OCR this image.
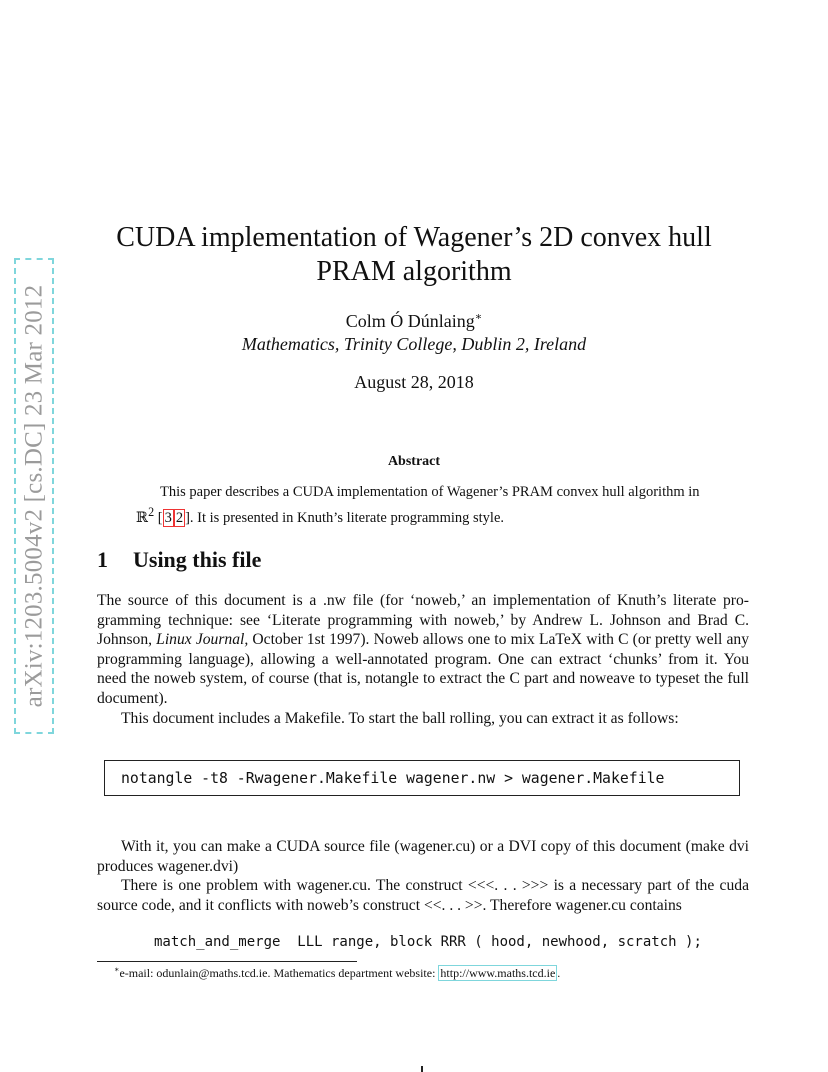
arXiv:1203.5004v2 [cs.DC] 23 Mar 2012
CUDA implementation of Wagener’s 2D convex hull
PRAM algorithm
Colm Ó Dúnlaing∗
Mathematics, Trinity College, Dublin 2, Ireland
August 28, 2018
Abstract
This paper describes a CUDA implementation of Wagener’s PRAM convex hull algorithm in ℝ$^2$ [ 3 2 ]. It is presented in Knuth’s literate programming style.
1 Using this file
The source of this document is a .nw file (for ‘noweb,’ an implementation of Knuth’s literate pro- gramming technique: see ‘Literate programming with noweb,’ by Andrew L. Johnson and Brad C. Johnson, Linux Journal, October 1st 1997). Noweb allows one to mix LaTeX with C (or pretty well any programming language), allowing a well-annotated program. One can extract ‘chunks’ from it. You need the noweb system, of course (that is, notangle to extract the C part and noweave to typeset the full document).
This document includes a Makefile. To start the ball rolling, you can extract it as follows:
notangle -t8 -Rwagener.Makefile wagener.nw > wagener.Makefile
With it, you can make a CUDA source file (wagener.cu) or a DVI copy of this document (make dvi produces wagener.dvi)
There is one problem with wagener.cu. The construct <<<. . . >>> is a necessary part of the cuda source code, and it conflicts with noweb’s construct <<. . . >>. Therefore wagener.cu contains
match_and_merge  LLL range, block RRR ( hood, newhood, scratch );
∗e-mail: odunlain@maths.tcd.ie. Mathematics department website: http://www.maths.tcd.ie .
